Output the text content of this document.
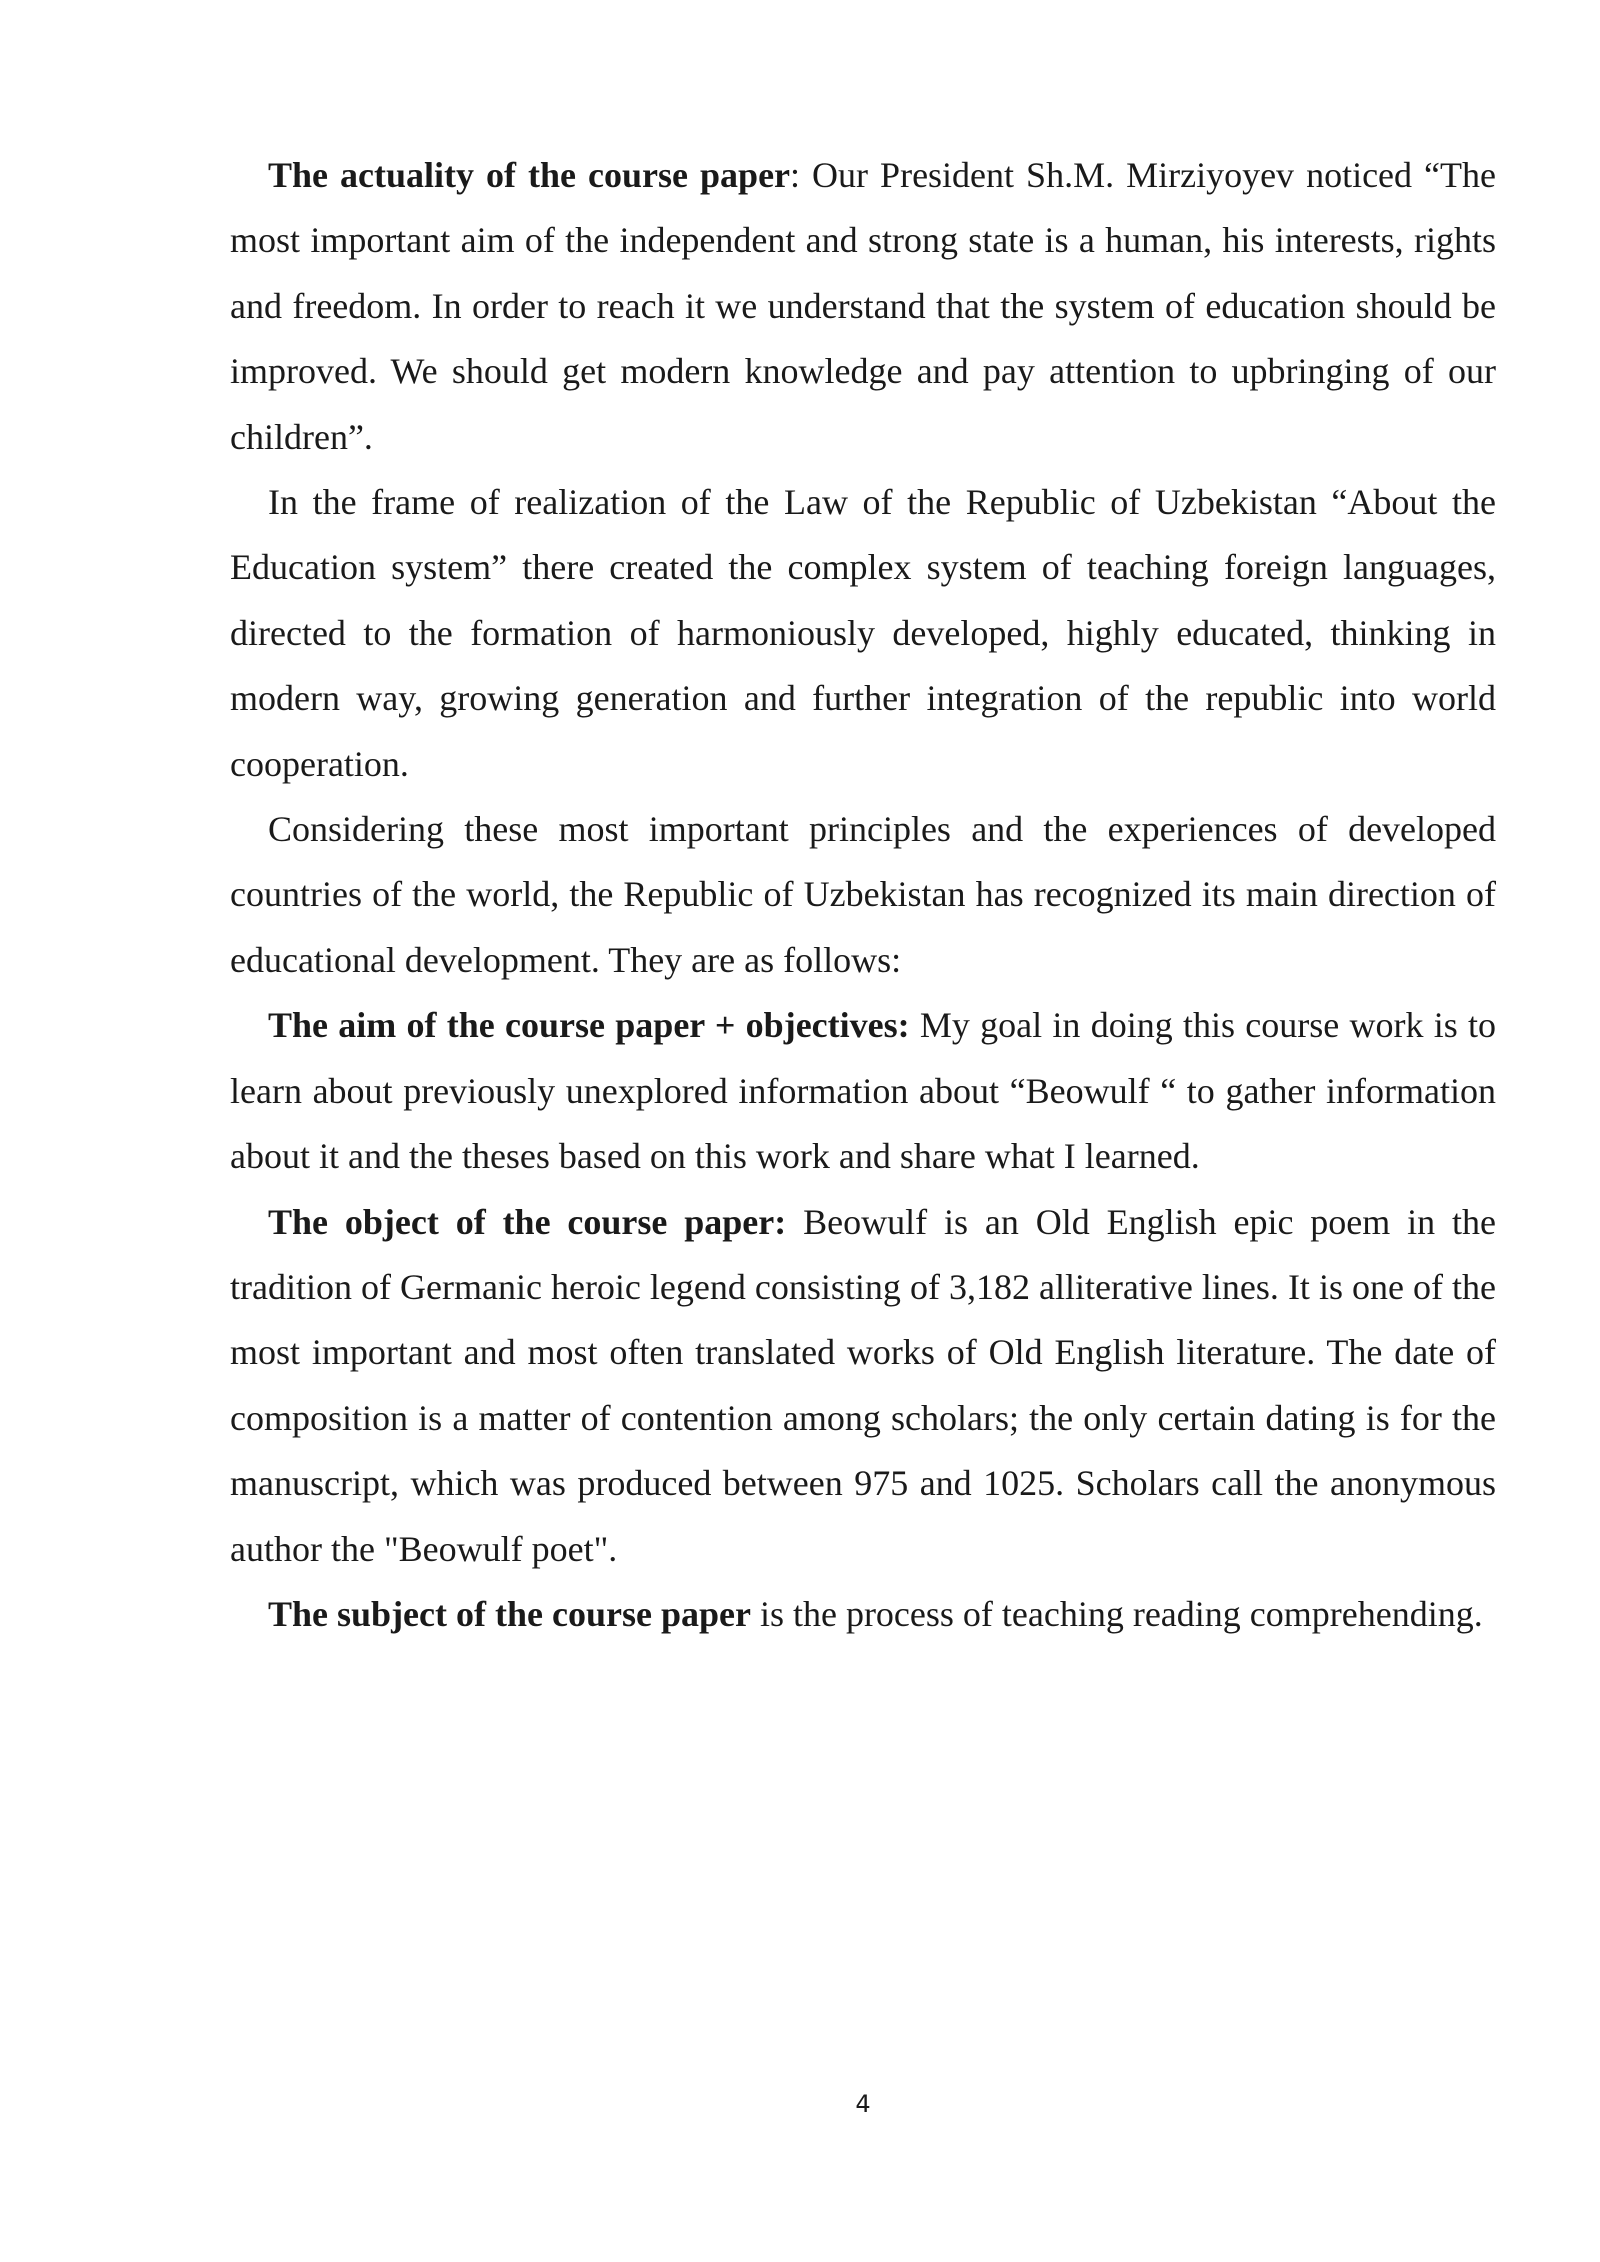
The actuality of the course paper: Our President Sh.M. Mirziyoyev noticed “The most important aim of the independent and strong state is a human, his interests, rights and freedom. In order to reach it we understand that the system of education should be improved. We should get modern knowledge and pay attention to upbringing of our children”.

In the frame of realization of the Law of the Republic of Uzbekistan “About the Education system” there created the complex system of teaching foreign languages, directed to the formation of harmoniously developed, highly educated, thinking in modern way, growing generation and further integration of the republic into world cooperation.

Considering these most important principles and the experiences of developed countries of the world, the Republic of Uzbekistan has recognized its main direction of educational development. They are as follows:

The aim of the course paper + objectives: My goal in doing this course work is to learn about previously unexplored information about “Beowulf “ to gather information about it and the theses based on this work and share what I learned.

The object of the course paper: Beowulf is an Old English epic poem in the tradition of Germanic heroic legend consisting of 3,182 alliterative lines. It is one of the most important and most often translated works of Old English literature. The date of composition is a matter of contention among scholars; the only certain dating is for the manuscript, which was produced between 975 and 1025. Scholars call the anonymous author the "Beowulf poet".

The subject of the course paper is the process of teaching reading comprehending.

4
